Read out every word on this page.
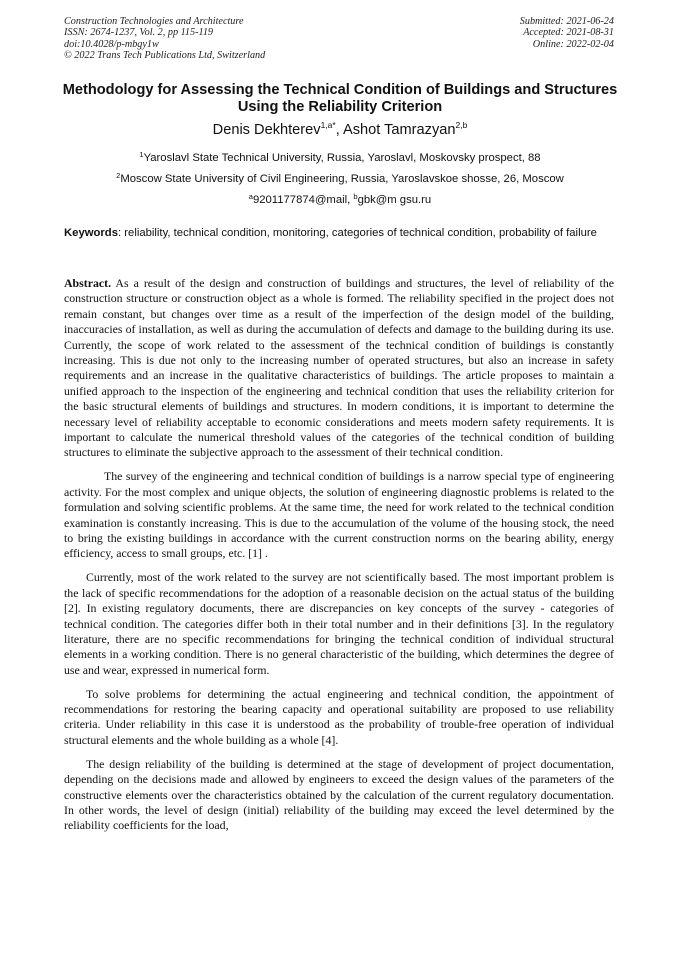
Construction Technologies and Architecture
ISSN: 2674-1237, Vol. 2, pp 115-119
doi:10.4028/p-mbgy1w
© 2022 Trans Tech Publications Ltd, Switzerland
Submitted: 2021-06-24
Accepted: 2021-08-31
Online: 2022-02-04
Methodology for Assessing the Technical Condition of Buildings and Structures Using the Reliability Criterion
Denis Dekhterev$^{1,a*}$, Ashot Tamrazyan$^{2,b}$
$^1$Yaroslavl State Technical University, Russia, Yaroslavl, Moskovsky prospect, 88
$^2$Moscow State University of Civil Engineering, Russia, Yaroslavskoe shosse, 26, Moscow
$^a$9201177874@mail, $^b$gbk@m gsu.ru
Keywords: reliability, technical condition, monitoring, categories of technical condition, probability of failure

Abstract. As a result of the design and construction of buildings and structures, the level of reliability of the construction structure or construction object as a whole is formed. The reliability specified in the project does not remain constant, but changes over time as a result of the imperfection of the design model of the building, inaccuracies of installation, as well as during the accumulation of defects and damage to the building during its use. Currently, the scope of work related to the assessment of the technical condition of buildings is constantly increasing. This is due not only to the increasing number of operated structures, but also an increase in safety requirements and an increase in the qualitative characteristics of buildings. The article proposes to maintain a unified approach to the inspection of the engineering and technical condition that uses the reliability criterion for the basic structural elements of buildings and structures. In modern conditions, it is important to determine the necessary level of reliability acceptable to economic considerations and meets modern safety requirements. It is important to calculate the numerical threshold values of the categories of the technical condition of building structures to eliminate the subjective approach to the assessment of their technical condition.

The survey of the engineering and technical condition of buildings is a narrow special type of engineering activity. For the most complex and unique objects, the solution of engineering diagnostic problems is related to the formulation and solving scientific problems. At the same time, the need for work related to the technical condition examination is constantly increasing. This is due to the accumulation of the volume of the housing stock, the need to bring the existing buildings in accordance with the current construction norms on the bearing ability, energy efficiency, access to small groups, etc. [1] .

Currently, most of the work related to the survey are not scientifically based. The most important problem is the lack of specific recommendations for the adoption of a reasonable decision on the actual status of the building [2]. In existing regulatory documents, there are discrepancies on key concepts of the survey - categories of technical condition. The categories differ both in their total number and in their definitions [3]. In the regulatory literature, there are no specific recommendations for bringing the technical condition of individual structural elements in a working condition. There is no general characteristic of the building, which determines the degree of use and wear, expressed in numerical form.

To solve problems for determining the actual engineering and technical condition, the appointment of recommendations for restoring the bearing capacity and operational suitability are proposed to use reliability criteria. Under reliability in this case it is understood as the probability of trouble-free operation of individual structural elements and the whole building as a whole [4].

The design reliability of the building is determined at the stage of development of project documentation, depending on the decisions made and allowed by engineers to exceed the design values of the parameters of the constructive elements over the characteristics obtained by the calculation of the current regulatory documentation. In other words, the level of design (initial) reliability of the building may exceed the level determined by the reliability coefficients for the load,
